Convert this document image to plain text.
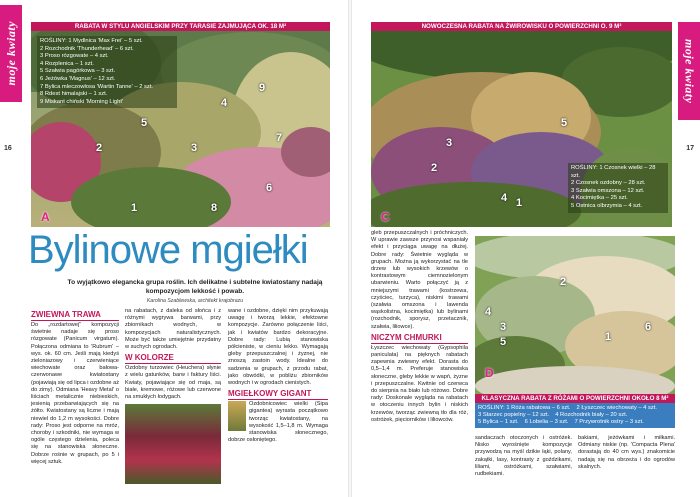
moje kwiaty
16
ROŚLINY: 1 Mydlnica 'Max Frei' – 5 szt.
2 Rozchodnik 'Thunderhead' – 6 szt.
3 Proso rózgowate – 4 szt.
4 Rozplenica – 1 szt.
5 Szałwia pagórkowa – 3 szt.
6 Jeżówka 'Magnus' – 12 szt.
7 Bylica mleczowłosa 'Wartin Tanne' – 2 szt.
8 Rdest himalajski – 1 szt.
9 Miskant chiński 'Morning Light'
1
2	3
4
5
6
7
8
9
A
RABATA W STYLU ANGIELSKIM PRZY TARASIE ZAJMUJĄCA OK. 18 M²
Bylinowe mgiełki
To wyjątkowo elegancka grupa roślin. Ich delikatne i subtelne kwiatostany nadają kompozycjom lekkość i powab.
Karolina Szablewska, architekt krajobrazu
ZWIEWNA TRAWA

Do „rozdartowej” kompozycji świetnie nadaje się proso rózgowate (Panicum virgatum). Połączona odmiana to 'Rubrum' – wys. ok. 60 cm. Jeśli mają kiedyś zieloniazowy i czerwieniące wiechowate oraz bałowa-czerwonawe kwiatostany (pojawiają się od lipca i ozdobne aż do zimy). Odmiana 'Heavy Metal' o liściach metalicznie niebieskich, jesienią przebarwiających się na żółto. Kwiatostany są liczne i mają niewiel do 1,2 m wysokości. Dobre rady: Proso jest odporne na mróz, choroby i szkodniki, nie wymaga w ogóle częstego dzielenia, poleca się na stanowiska słoneczne. Dobrze rośnie w grupach, po 5 i więcej sztuk.

na rabatach, z daleka od słońca i z różnymi wygrywa barwami, przy zbiornikach wodnych, w kompozycjach naturalistycznych. Może być także umiejętnie przydatny w suchych ogrodach.

W KOLORZE

Ozdobny turzowiec (Heuchera) słynie z wielu gatunków, barw i faktury liści. Kwiaty, pojawiające się od maja, są białe, kremowe, różowe lub czerwone na smukłych łodygach.

wane i ozdobne, dzięki nim przykuwają uwagę i tworzą lekkie, efektowne kompozycje. Zarówno połączenie liści, jak i kwiatów bardzo dekoracyjne. Dobre rady: Lubią stanowiska półcieniste, w cieniu lekko. Wymagają gleby przepuszczalnej i żyznej, nie znoszą zastoin wody. Idealne do sadzenia w grupach, z przodu rabat, jako obwódki, w pobliżu zbiorników wodnych i w ogrodach cienistych.

MGIEŁKOWY GIGANT

Ozdobnicowiec wielki (Sipa gigantea) wyrasta początkowo tworząc kwiatostany, na wysokość 1,5–1,8 m. Wymaga stanowiska słonecznego, dobrze osłoniętego.

moje kwiaty
17
1
2
3
4
5
C
ROŚLINY: 1 Czosnek wielki – 28 szt.
2 Czosnek ozdobny – 28 szt.
3 Szałwia omszona – 12 szt.
4 Kocimiętka – 25 szt.
5 Ostnica olbrzymia – 4 szt.
NOWOCZESNA RABATA NA ŻWIROWISKU O POWIERZCHNI O. 9 M²

gleb przepuszczalnych i próchniczych. W uprawie zawsze przynosi wspaniały efekt i przyciąga uwagę na dłużej. Dobre rady: Świetnie wygląda w grupach. Można ją wykorzystać na tle drzew lub wysokich krzewów o kontrastowym ciemnozielonym ubarwieniu. Warto połączyć ją z mniejszymi trawami (kostrzewa, czyściec, turzyca), niskimi trawami (szałwia omszona i lawenda wąskolistna, kocimiętka) lub bylinami (rozchodnik, sporysz, przetacznik, szałwia, liliowce).

NICZYM CHMURKI

Łyszczec wiechowaty (Gypsophila paniculata) na pięknych rabatach zapewnia zwiewny efekt. Dorasta do 0,5–1,4 m. Preferuje stanowiska słoneczne, gleby lekkie w wapń, żyzne i przepuszczalne. Kwitnie od czerwca do sierpnia na biało lub różowo. Dobre rady: Doskonale wygląda na rabatach w otoczeniu innych bylin i niskich krzewów, tworząc zwiewną tło dla róż, ostróżek, pięciorników i liliowców.

1
2
3
4
5
6
D
KLASYCZNA RABATA Z RÓŻAMI O POWIERZCHNI OKOŁO 8 M²
ROŚLINY: 1 Róża rabatowa – 6 szt. 2 Łyszczec wiechowaty – 4 szt.
3 Starzec popielny – 12 szt. 4 Rozchodnik biały – 20 szt.
5 Bylica – 1 szt. 6 Lobelia – 3 szt. 7 Przywrotnik ostry – 3 szt.

sandaczach otoczonych i ostróżek. Nisko wyrośnięte kompozycje przywodzą na myśl dzikie łąki, polany, zakątki, lasy, kontrasty z goździkami, liliami, ostróżkami, szałwiami, rudbekiami.

bakiami, jeżówkami i miłkami. Odmiany niskie (np. 'Compacta Plena' dorastają do 40 cm wys.) znakomicie nadają się na obrzeża i do ogrodów skalnych.
